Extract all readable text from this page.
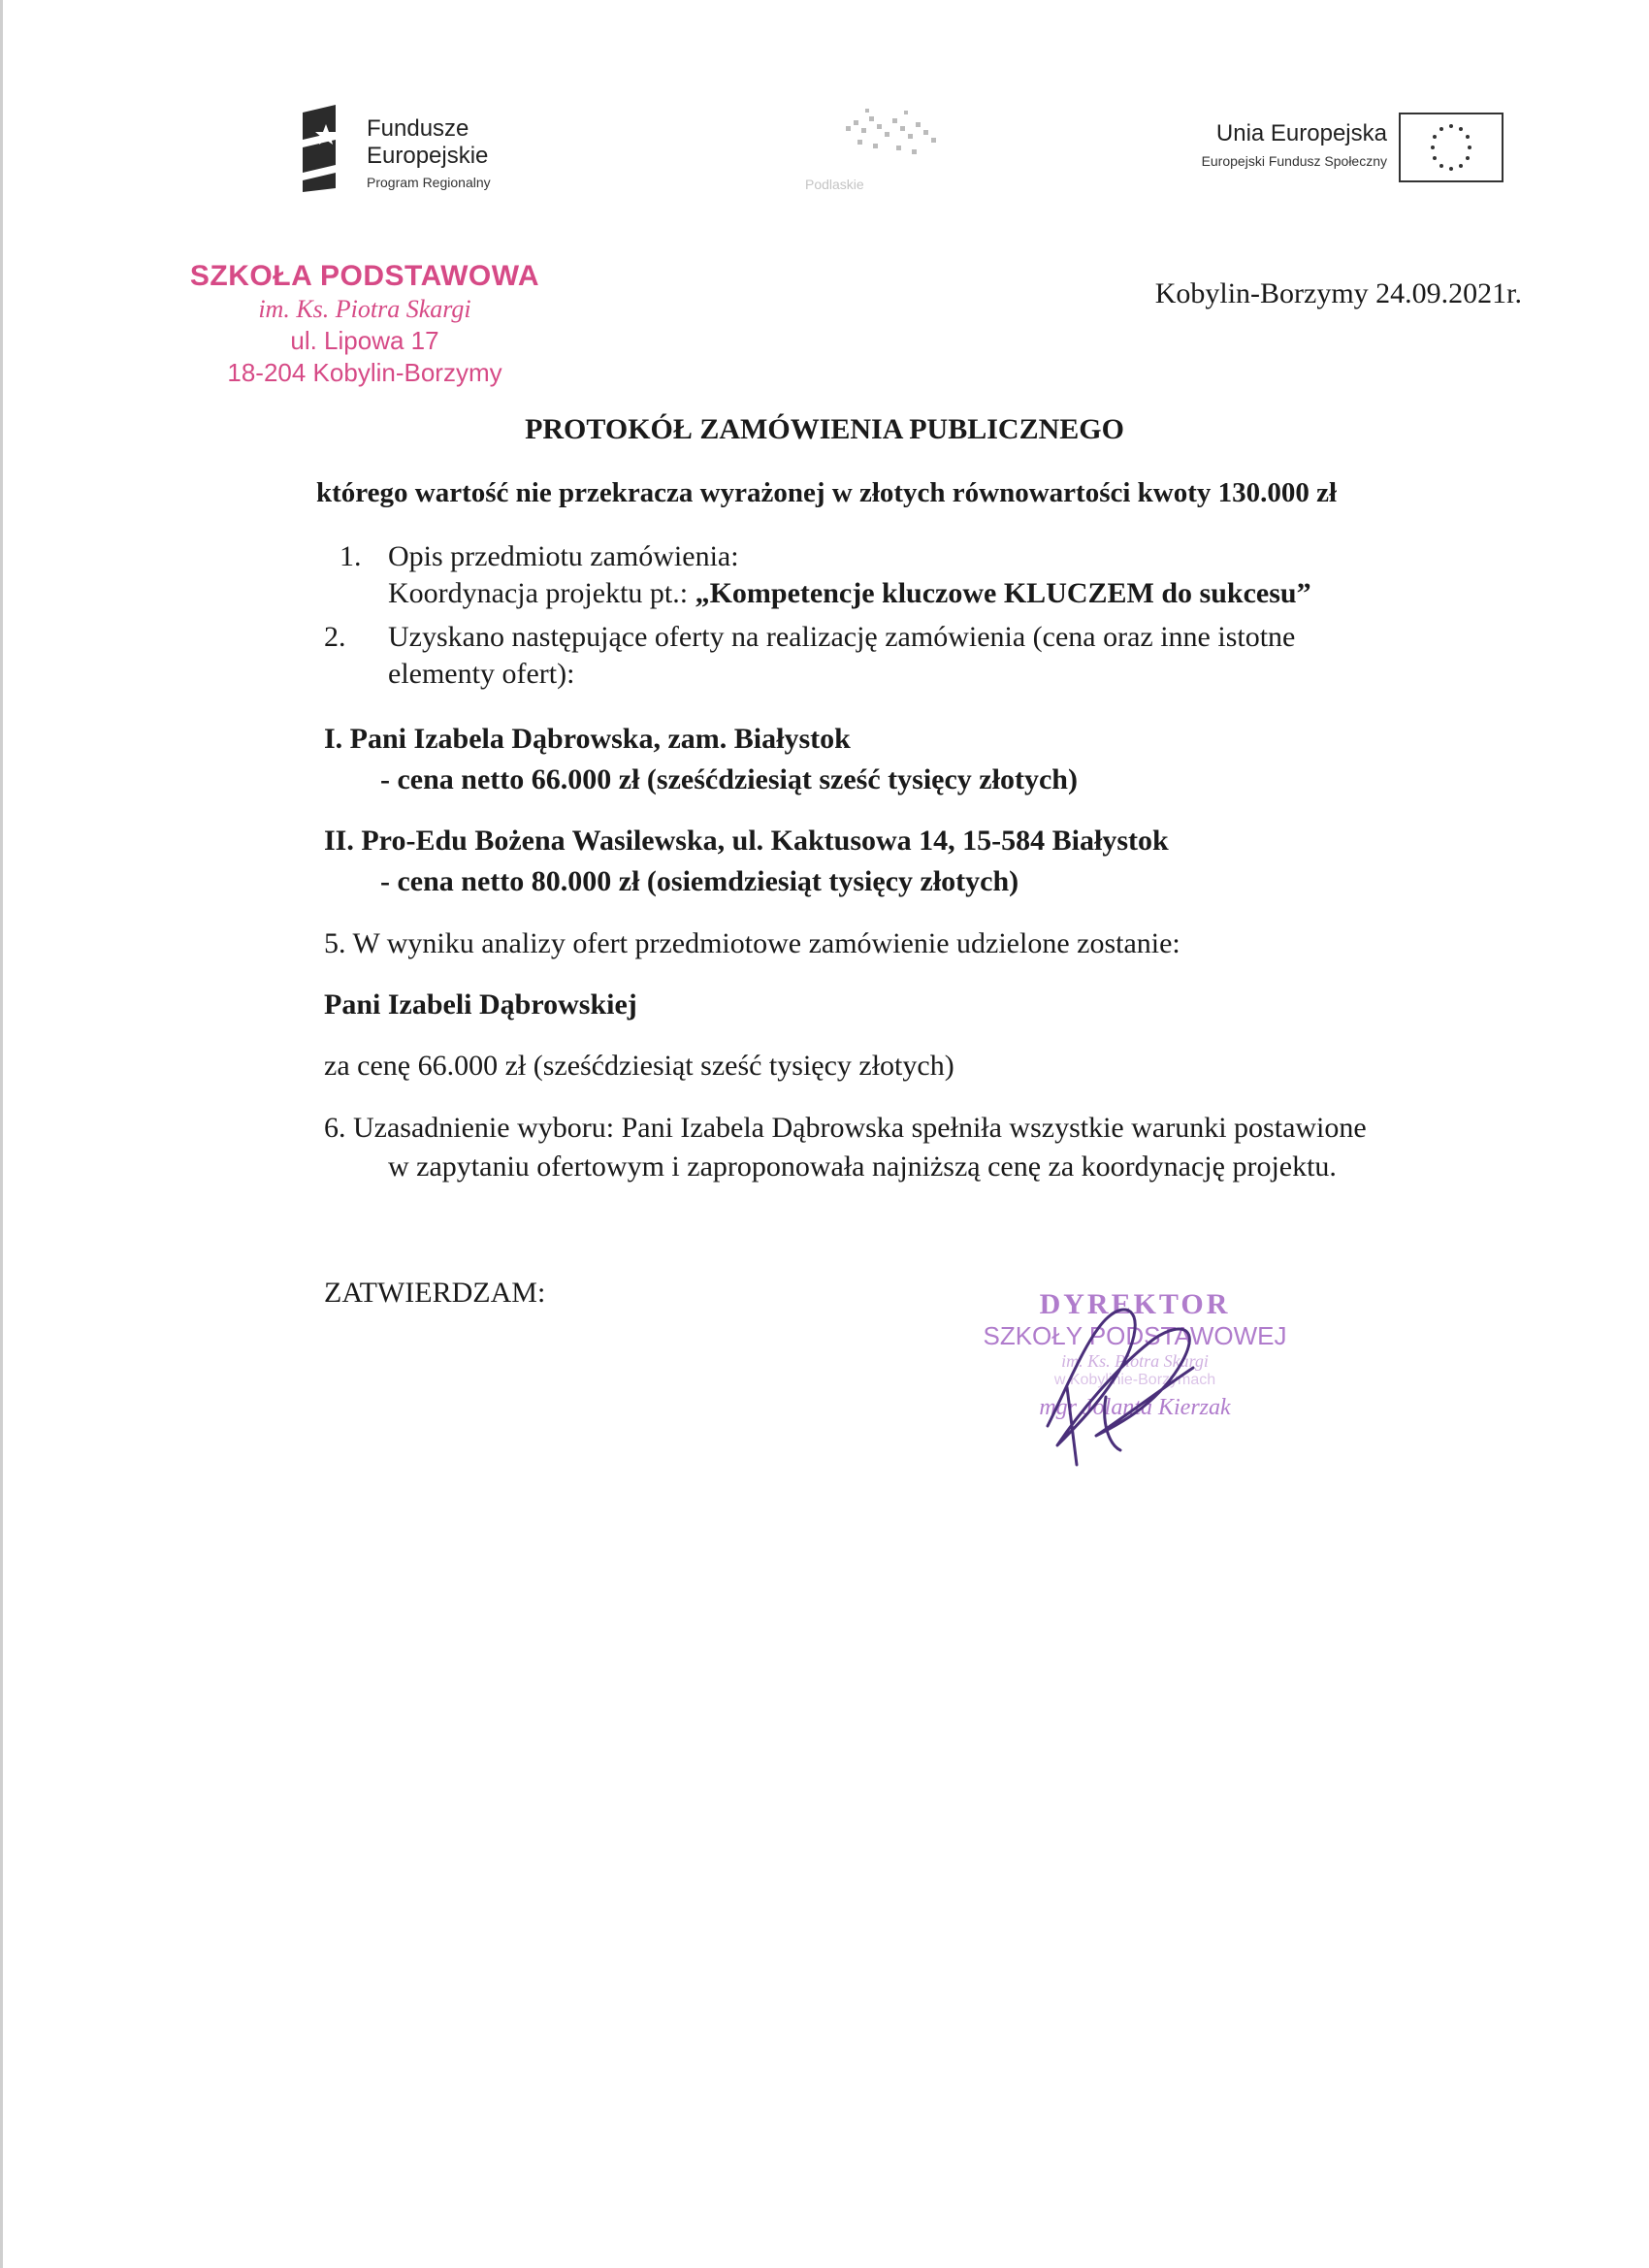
Fundusze
Europejskie
Program Regionalny	Podlaskie
Unia Europejska
Europejski Fundusz Społeczny
SZKOŁA PODSTAWOWA
im. Ks. Piotra Skargi
ul. Lipowa 17
18-204 Kobylin-Borzymy
Kobylin-Borzymy 24.09.2021r.
PROTOKÓŁ ZAMÓWIENIA PUBLICZNEGO
którego wartość nie przekracza wyrażonej w złotych równowartości kwoty 130.000 zł
1. Opis przedmiotu zamówienia:
Koordynacja projektu pt.: „Kompetencje kluczowe KLUCZEM do sukcesu”
2. Uzyskano następujące oferty na realizację zamówienia (cena oraz inne istotne
elementy ofert):
I. Pani Izabela Dąbrowska, zam. Białystok
- cena netto 66.000 zł (sześćdziesiąt sześć tysięcy złotych)
II. Pro-Edu Bożena Wasilewska, ul. Kaktusowa 14, 15-584 Białystok
- cena netto 80.000 zł (osiemdziesiąt tysięcy złotych)
5. W wyniku analizy ofert przedmiotowe zamówienie udzielone zostanie:
Pani Izabeli Dąbrowskiej
za cenę 66.000 zł (sześćdziesiąt sześć tysięcy złotych)
6. Uzasadnienie wyboru: Pani Izabela Dąbrowska spełniła wszystkie warunki postawione
w zapytaniu ofertowym i zaproponowała najniższą cenę za koordynację projektu.
ZATWIERDZAM:	DYREKTOR
SZKOŁY PODSTAWOWEJ
im. Ks. Piotra Skargi
w Kobylinie-Borzymach
mgr Jolanta Kierzak
